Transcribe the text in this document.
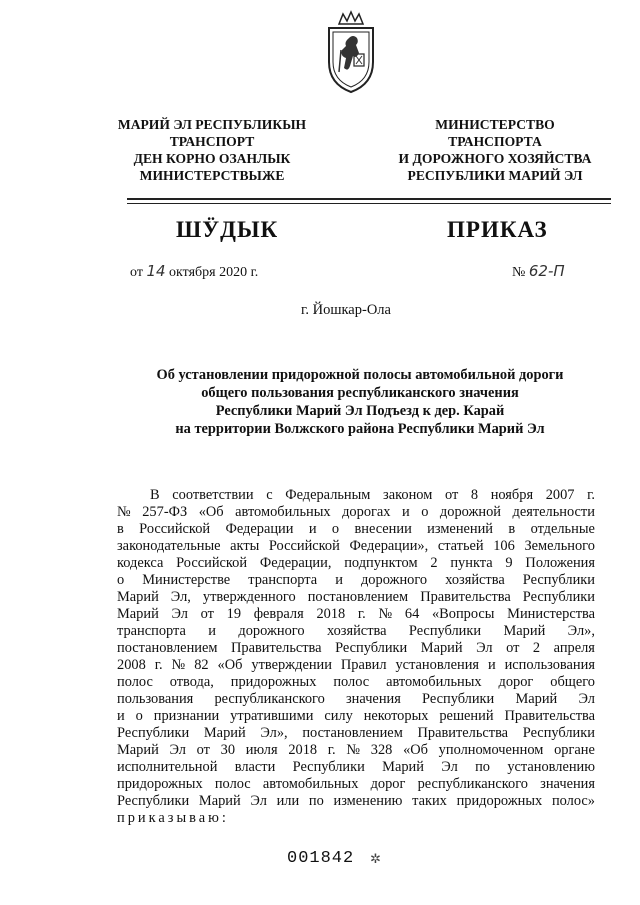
МАРИЙ ЭЛ РЕСПУБЛИКЫН
ТРАНСПОРТ
ДЕН КОРНО ОЗАНЛЫК
МИНИСТЕРСТВЫЖЕ
МИНИСТЕРСТВО
ТРАНСПОРТА
И ДОРОЖНОГО ХОЗЯЙСТВА
РЕСПУБЛИКИ МАРИЙ ЭЛ
ШӰДЫК	ПРИКАЗ
от 14 октября 2020 г.	№ 62-П
г. Йошкар-Ола
Об установлении придорожной полосы автомобильной дороги
общего пользования республиканского значения
Республики Марий Эл Подъезд к дер. Карай
на территории Волжского района Республики Марий Эл
В соответствии с Федеральным законом от 8 ноября 2007 г.
№ 257-ФЗ «Об автомобильных дорогах и о дорожной деятельности
в Российской Федерации и о внесении изменений в отдельные
законодательные акты Российской Федерации», статьей 106 Земельного
кодекса Российской Федерации, подпунктом 2 пункта 9 Положения
о Министерстве транспорта и дорожного хозяйства Республики
Марий Эл, утвержденного постановлением Правительства Республики
Марий Эл от 19 февраля 2018 г. № 64 «Вопросы Министерства
транспорта и дорожного хозяйства Республики Марий Эл»,
постановлением Правительства Республики Марий Эл от 2 апреля
2008 г. № 82 «Об утверждении Правил установления и использования
полос отвода, придорожных полос автомобильных дорог общего
пользования республиканского значения Республики Марий Эл
и о признании утратившими силу некоторых решений Правительства
Республики Марий Эл», постановлением Правительства Республики
Марий Эл от 30 июля 2018 г. № 328 «Об уполномоченном органе
исполнительной власти Республики Марий Эл по установлению
придорожных полос автомобильных дорог республиканского значения
Республики Марий Эл или по изменению таких придорожных полос»
приказываю:
001842 ✲
